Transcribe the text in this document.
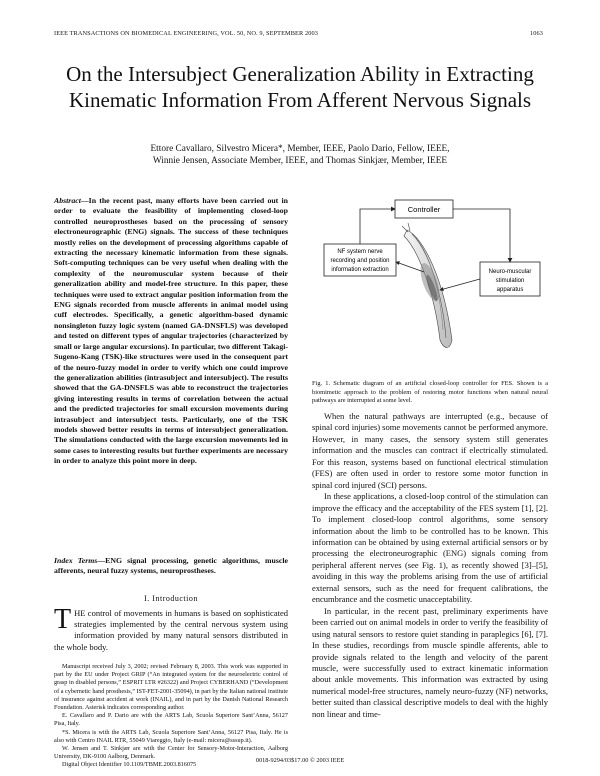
IEEE TRANSACTIONS ON BIOMEDICAL ENGINEERING, VOL. 50, NO. 9, SEPTEMBER 2003	1063
On the Intersubject Generalization Ability in Extracting Kinematic Information From Afferent Nervous Signals
Ettore Cavallaro, Silvestro Micera*, Member, IEEE, Paolo Dario, Fellow, IEEE,
Winnie Jensen, Associate Member, IEEE, and Thomas Sinkjær, Member, IEEE
Abstract—In the recent past, many efforts have been carried out in order to evaluate the feasibility of implementing closed-loop controlled neuroprostheses based on the processing of sensory electroneurographic (ENG) signals. The success of these techniques mostly relies on the development of processing algorithms capable of extracting the necessary kinematic information from these signals. Soft-computing techniques can be very useful when dealing with the complexity of the neuromuscular system because of their generalization ability and model-free structure. In this paper, these techniques were used to extract angular position information from the ENG signals recorded from muscle afferents in animal model using cuff electrodes. Specifically, a genetic algorithm-based dynamic nonsingleton fuzzy logic system (named GA-DNSFLS) was developed and tested on different types of angular trajectories (characterized by small or large angular excursions). In particular, two different Takagi-Sugeno-Kang (TSK)-like structures were used in the consequent part of the neuro-fuzzy model in order to verify which one could improve the generalization abilities (intrasubject and intersubject). The results showed that the GA-DNSFLS was able to reconstruct the trajectories giving interesting results in terms of correlation between the actual and the predicted trajectories for small excursion movements during intrasubject and intersubject tests. Particularly, one of the TSK models showed better results in terms of intersubject generalization. The simulations conducted with the large excursion movements led in some cases to interesting results but further experiments are necessary in order to analyze this point more in deep.
Index Terms—ENG signal processing, genetic algorithms, muscle afferents, neural fuzzy systems, neuroprostheses.
I. Introduction
THE control of movements in humans is based on sophisticated strategies implemented by the central nervous system using information provided by many natural sensors distributed in the whole body.

Manuscript received July 3, 2002; revised February 8, 2003. This work was supported in part by the EU under Project GRIP (“An integrated system for the neuroelectric control of grasp in disabled persons,” ESPRIT LTR #26322) and Project CYBERHAND (“Development of a cybernetic hand prosthesis,” IST-FET-2001-35094), in part by the Italian national institute of insurance against accident at work (INAIL), and in part by the Danish National Research Foundation. Asterisk indicates corresponding author.

E. Cavallaro and P. Dario are with the ARTS Lab, Scuola Superiore Sant’Anna, 56127 Pisa, Italy.

*S. Micera is with the ARTS Lab, Scuola Superiore Sant’Anna, 56127 Pisa, Italy. He is also with Centro INAIL RTR, 55049 Viareggio, Italy (e-mail: micera@sssup.it).

W. Jensen and T. Sinkjær are with the Center for Sensory-Motor-Interaction, Aalborg University, DK-9100 Aalborg, Denmark.

Digital Object Identifier 10.1109/TBME.2003.816075

0018-9294/03$17.00 © 2003 IEEE
Controller
NF system nerve
recording and position
information extraction	Neuro-muscular
stimulation
apparatus
Fig. 1. Schematic diagram of an artificial closed-loop controller for FES. Shown is a biomimetic approach to the problem of restoring motor functions when natural neural pathways are interrupted at some level.

When the natural pathways are interrupted (e.g., because of spinal cord injuries) some movements cannot be performed anymore. However, in many cases, the sensory system still generates information and the muscles can contract if electrically stimulated. For this reason, systems based on functional electrical stimulation (FES) are often used in order to restore some motor function in spinal cord injured (SCI) persons.

In these applications, a closed-loop control of the stimulation can improve the efficacy and the acceptability of the FES system [1], [2]. To implement closed-loop control algorithms, some sensory information about the limb to be controlled has to be known. This information can be obtained by using external artificial sensors or by processing the electroneurographic (ENG) signals coming from peripheral afferent nerves (see Fig. 1), as recently showed [3]–[5], avoiding in this way the problems arising from the use of artificial external sensors, such as the need for frequent calibrations, the encumbrance and the cosmetic unacceptability.

In particular, in the recent past, preliminary experiments have been carried out on animal models in order to verify the feasibility of using natural sensors to restore quiet standing in paraplegics [6], [7]. In these studies, recordings from muscle spindle afferents, able to provide signals related to the length and velocity of the parent muscle, were successfully used to extract kinematic information about ankle movements. This information was extracted by using numerical model-free structures, namely neuro-fuzzy (NF) networks, better suited than classical descriptive models to deal with the highly non linear and time-
